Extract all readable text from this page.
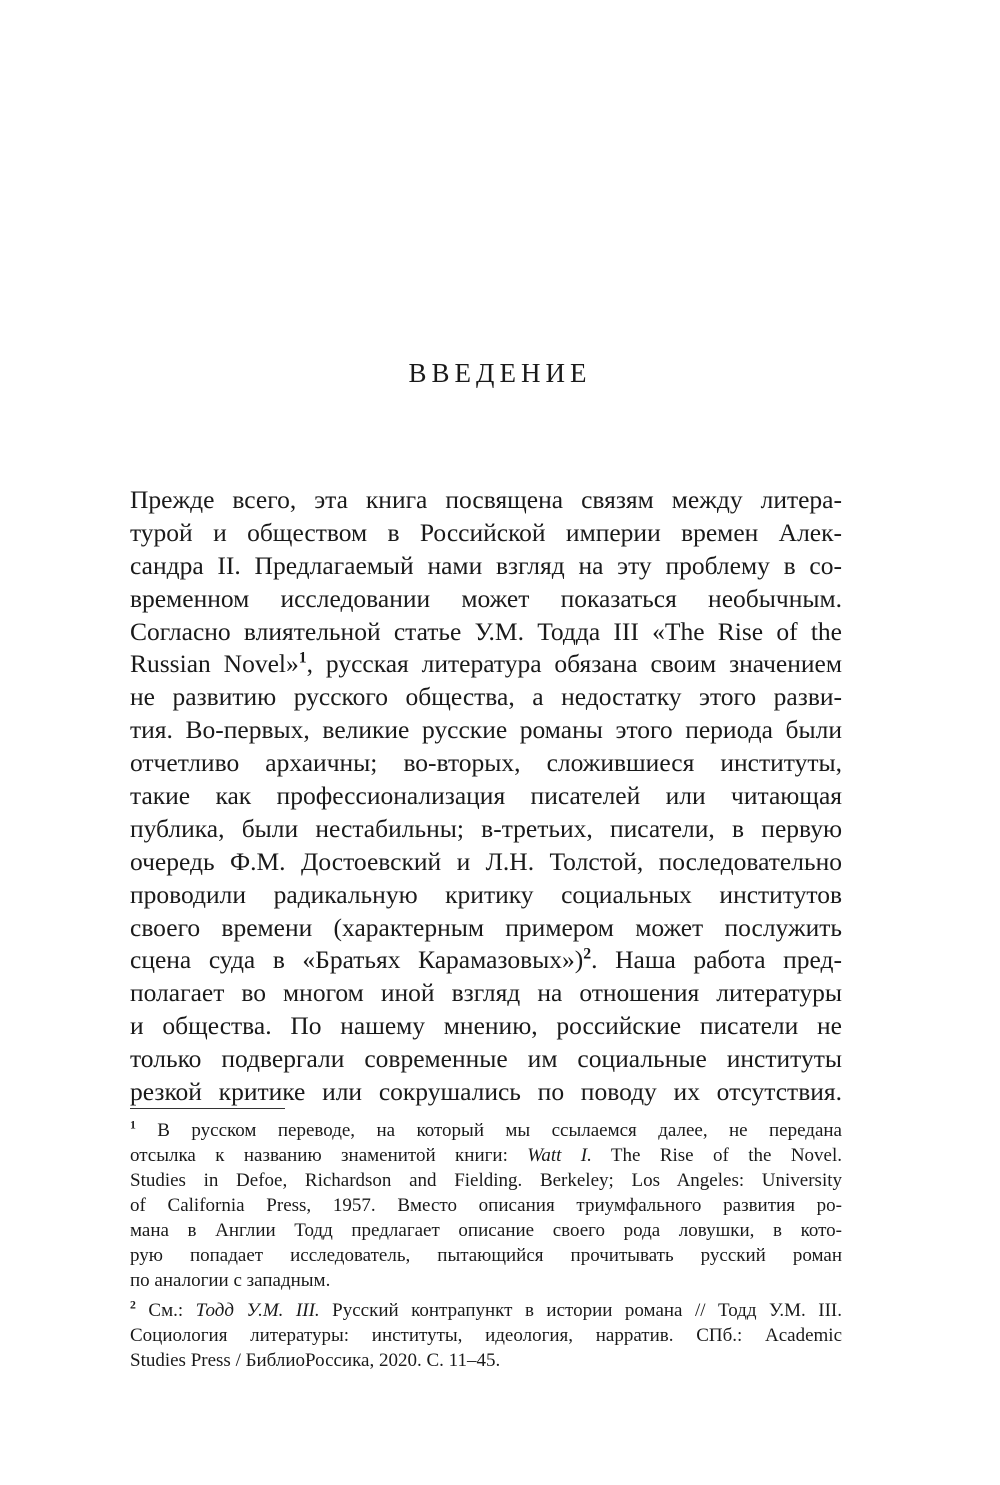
ВВЕДЕНИЕ
Прежде всего, эта книга посвящена связям между литера-
турой и обществом в Российской империи времен Алек-
сандра II. Предлагаемый нами взгляд на эту проблему в со-
временном исследовании может показаться необычным.
Согласно влиятельной статье У.М. Тодда III «The Rise of the
Russian Novel»$^1$, русская литература обязана своим значением
не развитию русского общества, а недостатку этого разви-
тия. Во-первых, великие русские романы этого периода были
отчетливо архаичны; во-вторых, сложившиеся институты,
такие как профессионализация писателей или читающая
публика, были нестабильны; в-третьих, писатели, в первую
очередь Ф.М. Достоевский и Л.Н. Толстой, последовательно
проводили радикальную критику социальных институтов
своего времени (характерным примером может послужить
сцена суда в «Братьях Карамазовых»)$^2$. Наша работа пред-
полагает во многом иной взгляд на отношения литературы
и общества. По нашему мнению, российские писатели не
только подвергали современные им социальные институты
резкой критике или сокрушались по поводу их отсутствия.
$^1$ В русском переводе, на который мы ссылаемся далее, не передана
отсылка к названию знаменитой книги: Watt I. The Rise of the Novel.
Studies in Defoe, Richardson and Fielding. Berkeley; Los Angeles: University
of California Press, 1957. Вместо описания триумфального развития ро-
мана в Англии Тодд предлагает описание своего рода ловушки, в кото-
рую попадает исследователь, пытающийся прочитывать русский роман
по аналогии с западным.
$^2$ См.: Тодд У.М. III. Русский контрапункт в истории романа // Тодд У.М. III.
Социология литературы: институты, идеология, нарратив. СПб.: Academic
Studies Press / БиблиоРоссика, 2020. С. 11–45.
